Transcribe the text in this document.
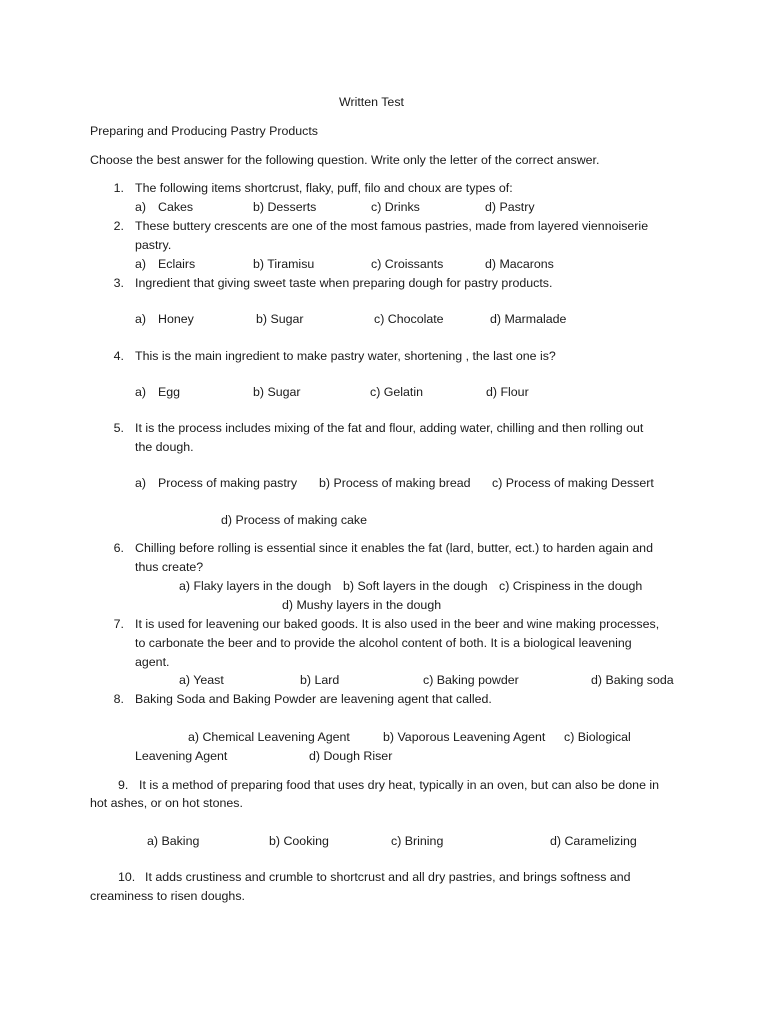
Written Test
Preparing and Producing Pastry Products
Choose the best answer for the following question. Write only the letter of the correct answer.
1. The following items shortcrust, flaky, puff, filo and choux are types of:
a) Cakes	b) Desserts	c) Drinks	d) Pastry
2. These buttery crescents are one of the most famous pastries, made from layered viennoiserie
pastry.
a) Eclairs	b) Tiramisu	c) Croissants	d) Macarons
3. Ingredient that giving sweet taste when preparing dough for pastry products.
a) Honey	b) Sugar	c) Chocolate	d) Marmalade
4. This is the main ingredient to make pastry water, shortening , the last one is?
a) Egg	b) Sugar	c) Gelatin	d) Flour
5. It is the process includes mixing of the fat and flour, adding water, chilling and then rolling out
the dough.
a) Process of making pastry b) Process of making bread c) Process of making Dessert
d) Process of making cake
6. Chilling before rolling is essential since it enables the fat (lard, butter, ect.) to harden again and
thus create?
a) Flaky layers in the dough b) Soft layers in the dough c) Crispiness in the dough
d) Mushy layers in the dough
7. It is used for leavening our baked goods. It is also used in the beer and wine making processes,
to carbonate the beer and to provide the alcohol content of both. It is a biological leavening
agent.
a) Yeast	b) Lard	c) Baking powder	d) Baking soda
8. Baking Soda and Baking Powder are leavening agent that called.
a) Chemical Leavening Agent	b) Vaporous Leavening Agent c) Biological
Leavening Agent	d) Dough Riser
9. It is a method of preparing food that uses dry heat, typically in an oven, but can also be done in
hot ashes, or on hot stones.
a) Baking	b) Cooking	c) Brining	d) Caramelizing
10. It adds crustiness and crumble to shortcrust and all dry pastries, and brings softness and
creaminess to risen doughs.
